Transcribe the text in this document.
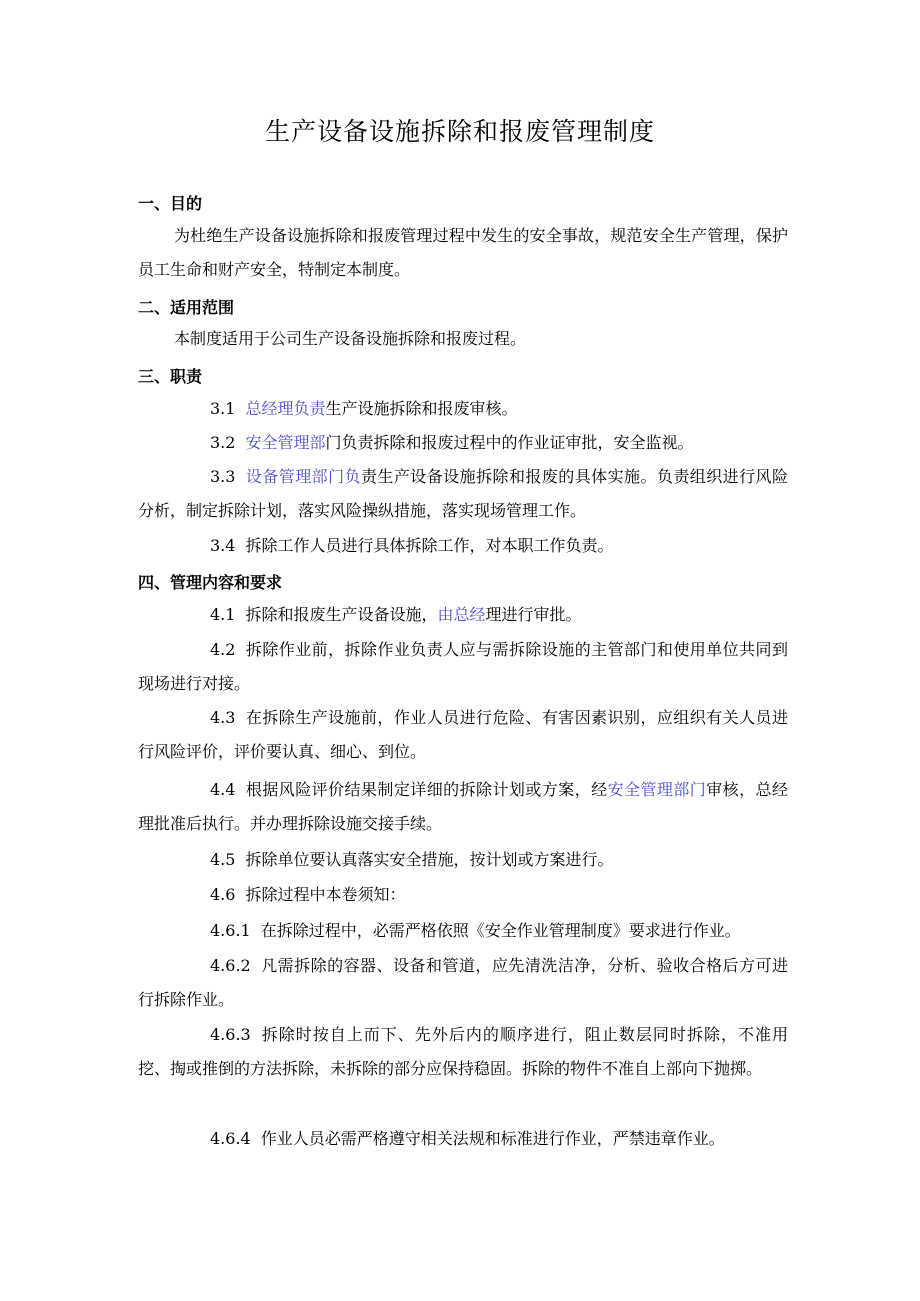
生产设备设施拆除和报废管理制度
一、目的
为杜绝生产设备设施拆除和报废管理过程中发生的安全事故，规范安全生产管理，保护员工生命和财产安全，特制定本制度。
二、适用范围
本制度适用于公司生产设备设施拆除和报废过程。
三、职责
3.1 总经理负责生产设施拆除和报废审核。
3.2 安全管理部门负责拆除和报废过程中的作业证审批，安全监视。
3.3 设备管理部门负责生产设备设施拆除和报废的具体实施。负责组织进行风险分析，制定拆除计划，落实风险操纵措施，落实现场管理工作。
3.4 拆除工作人员进行具体拆除工作，对本职工作负责。
四、管理内容和要求
4.1 拆除和报废生产设备设施，由总经理进行审批。
4.2 拆除作业前，拆除作业负责人应与需拆除设施的主管部门和使用单位共同到现场进行对接。
4.3 在拆除生产设施前，作业人员进行危险、有害因素识别，应组织有关人员进行风险评价，评价要认真、细心、到位。
4.4 根据风险评价结果制定详细的拆除计划或方案，经安全管理部门审核，总经理批准后执行。并办理拆除设施交接手续。
4.5 拆除单位要认真落实安全措施，按计划或方案进行。
4.6 拆除过程中本卷须知：
4.6.1 在拆除过程中，必需严格依照《安全作业管理制度》要求进行作业。
4.6.2 凡需拆除的容器、设备和管道，应先清洗洁净，分析、验收合格后方可进行拆除作业。
4.6.3 拆除时按自上而下、先外后内的顺序进行，阻止数层同时拆除，不准用挖、掏或推倒的方法拆除，未拆除的部分应保持稳固。拆除的物件不准自上部向下抛掷。
4.6.4 作业人员必需严格遵守相关法规和标准进行作业，严禁违章作业。
